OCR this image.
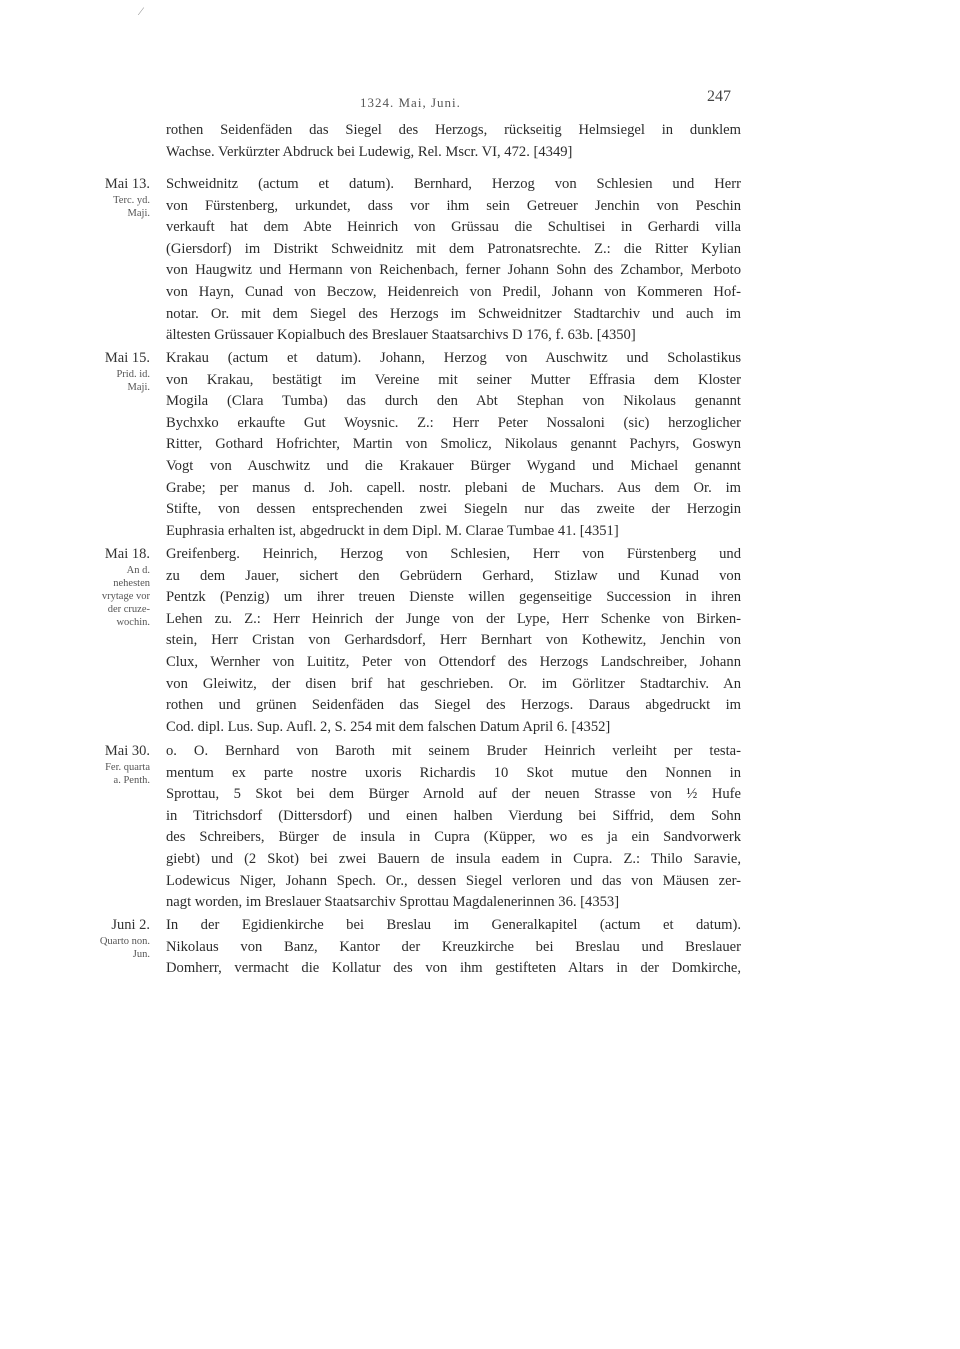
⁄
1324. Mai, Juni.	247
rothen Seidenfäden das Siegel des Herzogs, rückseitig Helmsiegel in dunklem
Wachse. Verkürzter Abdruck bei Ludewig, Rel. Mscr. VI, 472. [4349]
Mai 13.
Terc. yd.
Maji.
Schweidnitz (actum et datum). Bernhard, Herzog von Schlesien und Herr
von Fürstenberg, urkundet, dass vor ihm sein Getreuer Jenchin von Peschin
verkauft hat dem Abte Heinrich von Grüssau die Schultisei in Gerhardi villa
(Giersdorf) im Distrikt Schweidnitz mit dem Patronatsrechte. Z.: die Ritter Kylian
von Haugwitz und Hermann von Reichenbach, ferner Johann Sohn des Zchambor, Merboto
von Hayn, Cunad von Beczow, Heidenreich von Predil, Johann von Kommeren Hof-
notar. Or. mit dem Siegel des Herzogs im Schweidnitzer Stadtarchiv und auch im
ältesten Grüssauer Kopialbuch des Breslauer Staatsarchivs D 176, f. 63b. [4350]
Mai 15.
Prid. id.
Maji.
Krakau (actum et datum). Johann, Herzog von Auschwitz und Scholastikus
von Krakau, bestätigt im Vereine mit seiner Mutter Effrasia dem Kloster
Mogila (Clara Tumba) das durch den Abt Stephan von Nikolaus genannt
Bychxko erkaufte Gut Woysnic. Z.: Herr Peter Nossaloni (sic) herzoglicher
Ritter, Gothard Hofrichter, Martin von Smolicz, Nikolaus genannt Pachyrs, Goswyn
Vogt von Auschwitz und die Krakauer Bürger Wygand und Michael genannt
Grabe; per manus d. Joh. capell. nostr. plebani de Muchars. Aus dem Or. im
Stifte, von dessen entsprechenden zwei Siegeln nur das zweite der Herzogin
Euphrasia erhalten ist, abgedruckt in dem Dipl. M. Clarae Tumbae 41. [4351]
Mai 18.
An d. nehesten
vrytage vor
der cruze-
wochin.
Greifenberg. Heinrich, Herzog von Schlesien, Herr von Fürstenberg und
zu dem Jauer, sichert den Gebrüdern Gerhard, Stizlaw und Kunad von
Pentzk (Penzig) um ihrer treuen Dienste willen gegenseitige Succession in ihren
Lehen zu. Z.: Herr Heinrich der Junge von der Lype, Herr Schenke von Birken-
stein, Herr Cristan von Gerhardsdorf, Herr Bernhart von Kothewitz, Jenchin von
Clux, Wernher von Luititz, Peter von Ottendorf des Herzogs Landschreiber, Johann
von Gleiwitz, der disen brif hat geschrieben. Or. im Görlitzer Stadtarchiv. An
rothen und grünen Seidenfäden das Siegel des Herzogs. Daraus abgedruckt im
Cod. dipl. Lus. Sup. Aufl. 2, S. 254 mit dem falschen Datum April 6. [4352]
Mai 30.
Fer. quarta
a. Penth.
o. O. Bernhard von Baroth mit seinem Bruder Heinrich verleiht per testa-
mentum ex parte nostre uxoris Richardis 10 Skot mutue den Nonnen in
Sprottau, 5 Skot bei dem Bürger Arnold auf der neuen Strasse von ½ Hufe
in Titrichsdorf (Dittersdorf) und einen halben Vierdung bei Siffrid, dem Sohn
des Schreibers, Bürger de insula in Cupra (Küpper, wo es ja ein Sandvorwerk
giebt) und (2 Skot) bei zwei Bauern de insula eadem in Cupra. Z.: Thilo Saravie,
Lodewicus Niger, Johann Spech. Or., dessen Siegel verloren und das von Mäusen zer-
nagt worden, im Breslauer Staatsarchiv Sprottau Magdalenerinnen 36. [4353]
Juni 2.
Quarto non.
Jun.
In der Egidienkirche bei Breslau im Generalkapitel (actum et datum).
Nikolaus von Banz, Kantor der Kreuzkirche bei Breslau und Breslauer
Domherr, vermacht die Kollatur des von ihm gestifteten Altars in der Domkirche,
